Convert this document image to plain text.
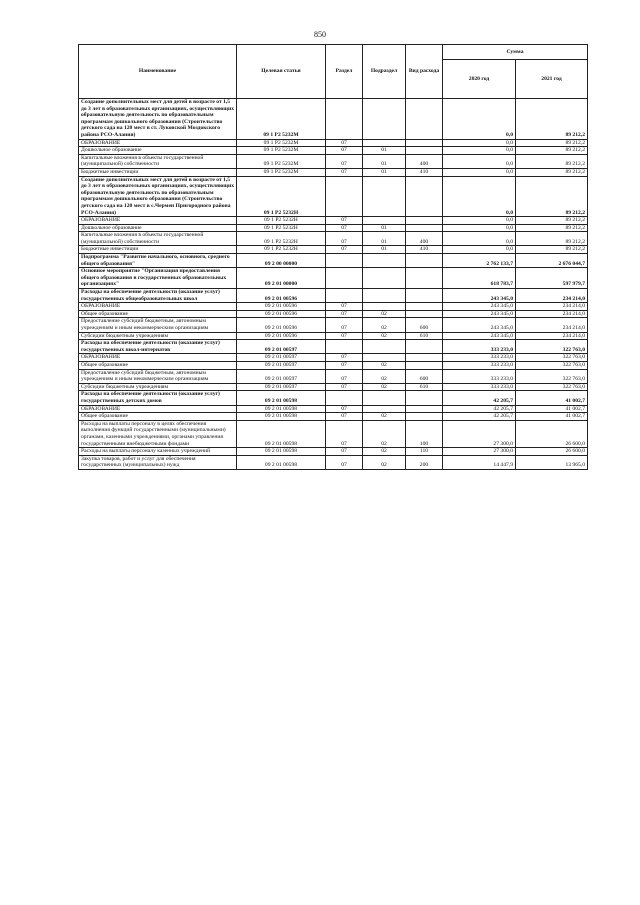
850
Наименование	Целевая статья	Раздел	Подраздел	Вид расхода	Сумма	
					2020 год	2021 год
Создание дополнительных мест для детей в возрасте от 1,5 до 3 лет в образовательных организациях, осуществляющих образовательную деятельность по образовательным программам дошкольного образования (Строительство детского сада на 120 мест в ст. Луковской Моздокского района РСО-Алания)	09 1 P2 5232M				0,0	89 212,2
ОБРАЗОВАНИЕ	09 1 P2 5232M	07			0,0	89 212,2
Дошкольное образование	09 1 P2 5232M	07	01		0,0	89 212,2
Капитальные вложения в объекты государственной (муниципальной) собственности	09 1 P2 5232M	07	01	400	0,0	89 212,2
Бюджетные инвестиции	09 1 P2 5232M	07	01	410	0,0	89 212,2
Создание дополнительных мест для детей в возрасте от 1,5 до 3 лет в образовательных организациях, осуществляющих образовательную деятельность по образовательным программам дошкольного образования (Строительство детского сада на 120 мест в с.Чермен Пригородного района РСО-Алания)	09 1 P2 5232H				0,0	89 212,2
ОБРАЗОВАНИЕ	09 1 P2 5232H	07			0,0	89 212,2
Дошкольное образование	09 1 P2 5232H	07	01		0,0	89 212,2
Капитальные вложения в объекты государственной (муниципальной) собственности	09 1 P2 5232H	07	01	400	0,0	89 212,2
Бюджетные инвестиции	09 1 P2 5232H	07	01	410	0,0	89 212,2
Подпрограмма "Развитие начального, основного, среднего общего образования"	09 2 00 00000				2 762 133,7	2 676 044,7
Основное мероприятие "Организация предоставления общего образования в государственных образовательных организациях"	09 2 01 00000				618 783,7	597 979,7
Расходы на обеспечение деятельности (оказание услуг) государственных общеобразовательных школ	09 2 01 00596				243 345,0	234 214,0
ОБРАЗОВАНИЕ	09 2 01 00596	07			243 345,0	234 214,0
Общее образование	09 2 01 00596	07	02		243 345,0	234 214,0
Предоставление субсидий бюджетным, автономным учреждениям и иным некоммерческим организациям	09 2 01 00596	07	02	600	243 345,0	234 214,0
Субсидии бюджетным учреждениям	09 2 01 00596	07	02	610	243 345,0	234 214,0
Расходы на обеспечение деятельности (оказание услуг) государственных школ-интернатов	09 2 01 00597				333 233,0	322 763,0
ОБРАЗОВАНИЕ	09 2 01 00597	07			333 233,0	322 763,0
Общее образование	09 2 01 00597	07	02		333 233,0	322 763,0
Предоставление субсидий бюджетным, автономным учреждениям и иным некоммерческим организациям	09 2 01 00597	07	02	600	333 233,0	322 763,0
Субсидии бюджетным учреждениям	09 2 01 00597	07	02	610	333 233,0	322 763,0
Расходы на обеспечение деятельности (оказание услуг) государственных детских домов	09 2 01 00598				42 205,7	41 002,7
ОБРАЗОВАНИЕ	09 2 01 00598	07			42 205,7	41 002,7
Общее образование	09 2 01 00598	07	02		42 205,7	41 002,7
Расходы на выплаты персоналу в целях обеспечения выполнения функций государственными (муниципальными) органами, казенными учреждениями, органами управления государственными внебюджетными фондами	09 2 01 00598	07	02	100	27 300,0	26 600,0
Расходы на выплаты персоналу казенных учреждений	09 2 01 00598	07	02	110	27 300,0	26 600,0
Закупка товаров, работ и услуг для обеспечения государственных (муниципальных) нужд	09 2 01 00598	07	02	200	14 447,9	13 965,0
